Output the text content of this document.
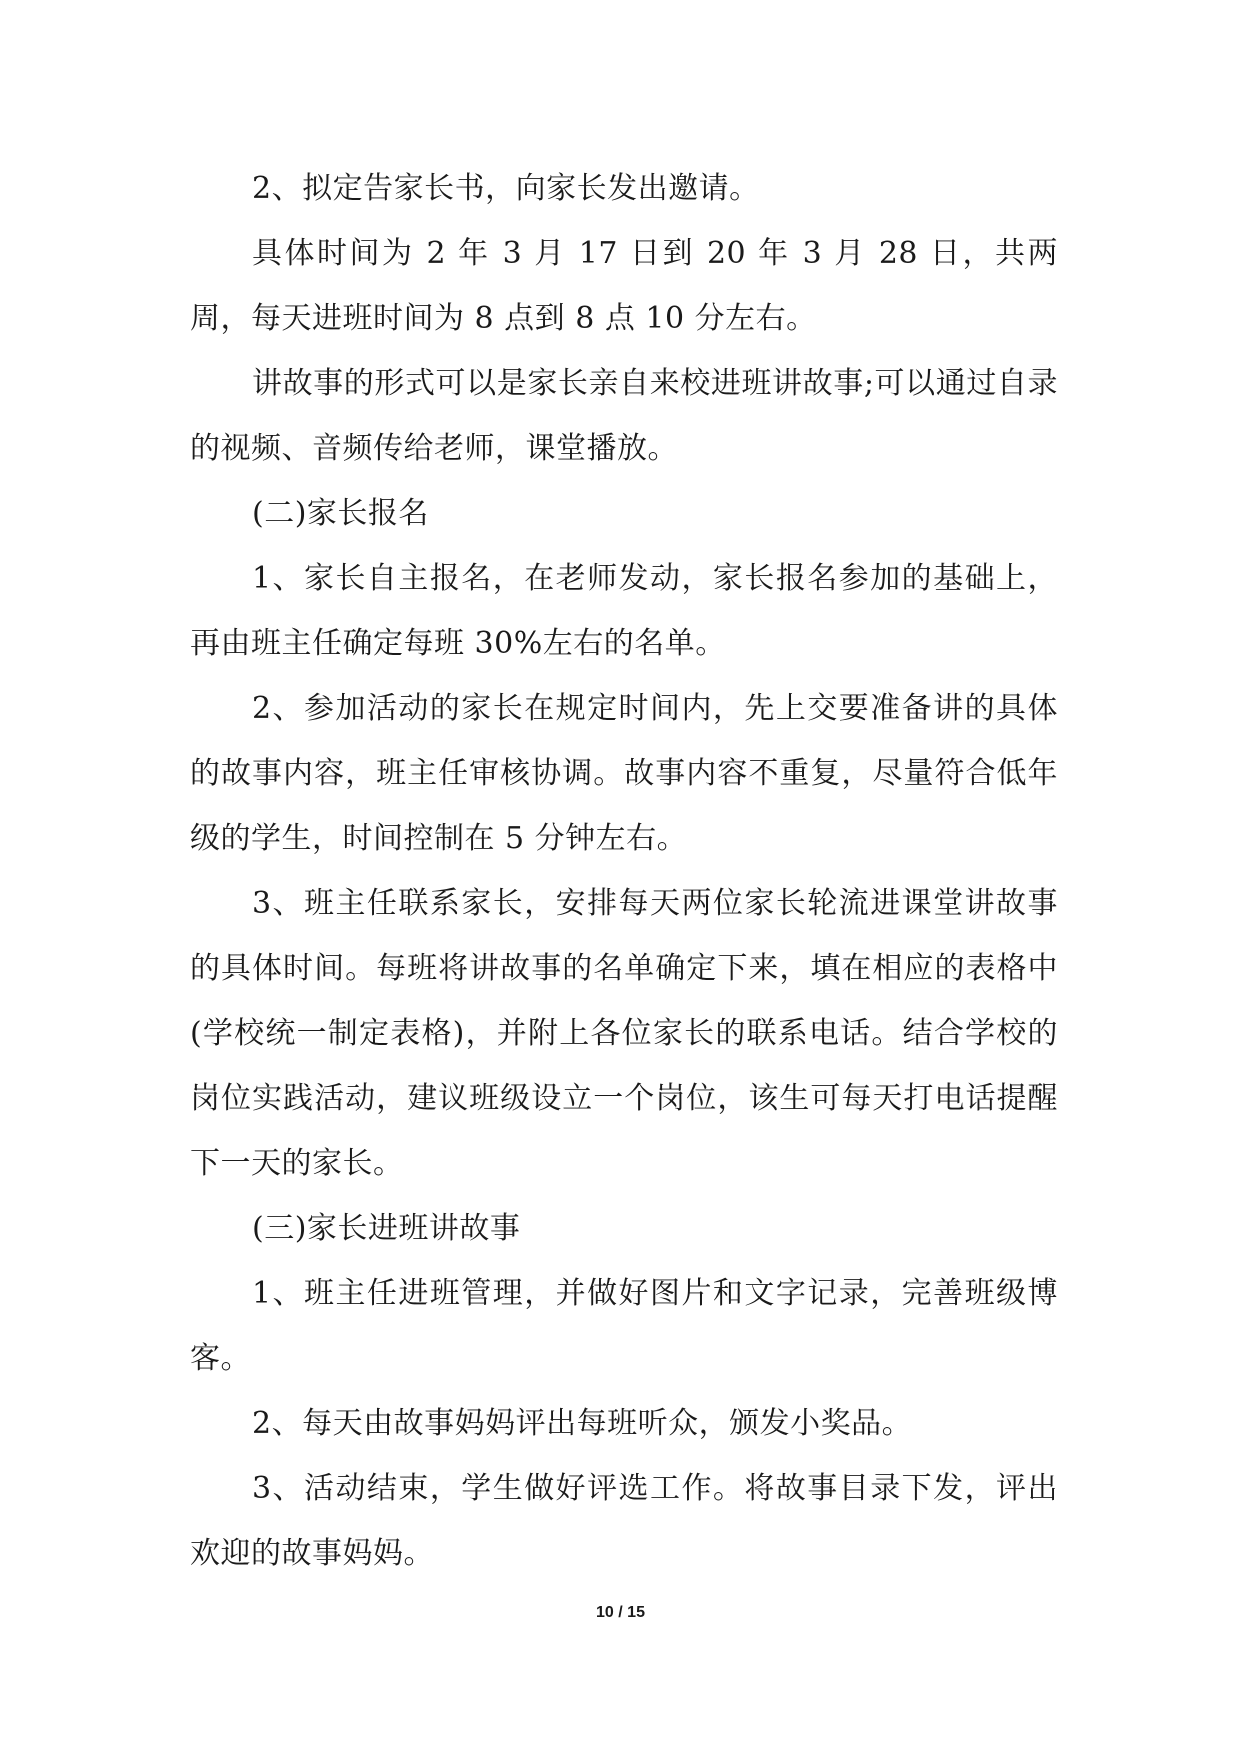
2、拟定告家长书，向家长发出邀请。

具体时间为 2 年 3 月 17 日到 20 年 3 月 28 日，共两周，每天进班时间为 8 点到 8 点 10 分左右。

讲故事的形式可以是家长亲自来校进班讲故事;可以通过自录的视频、音频传给老师，课堂播放。

(二)家长报名

1、家长自主报名，在老师发动，家长报名参加的基础上，再由班主任确定每班 30%左右的名单。

2、参加活动的家长在规定时间内，先上交要准备讲的具体的故事内容，班主任审核协调。故事内容不重复，尽量符合低年级的学生，时间控制在 5 分钟左右。

3、班主任联系家长，安排每天两位家长轮流进课堂讲故事的具体时间。每班将讲故事的名单确定下来，填在相应的表格中(学校统一制定表格)，并附上各位家长的联系电话。结合学校的岗位实践活动，建议班级设立一个岗位，该生可每天打电话提醒下一天的家长。

(三)家长进班讲故事

1、班主任进班管理，并做好图片和文字记录，完善班级博客。

2、每天由故事妈妈评出每班听众，颁发小奖品。

3、活动结束，学生做好评选工作。将故事目录下发，评出欢迎的故事妈妈。

10 / 15
